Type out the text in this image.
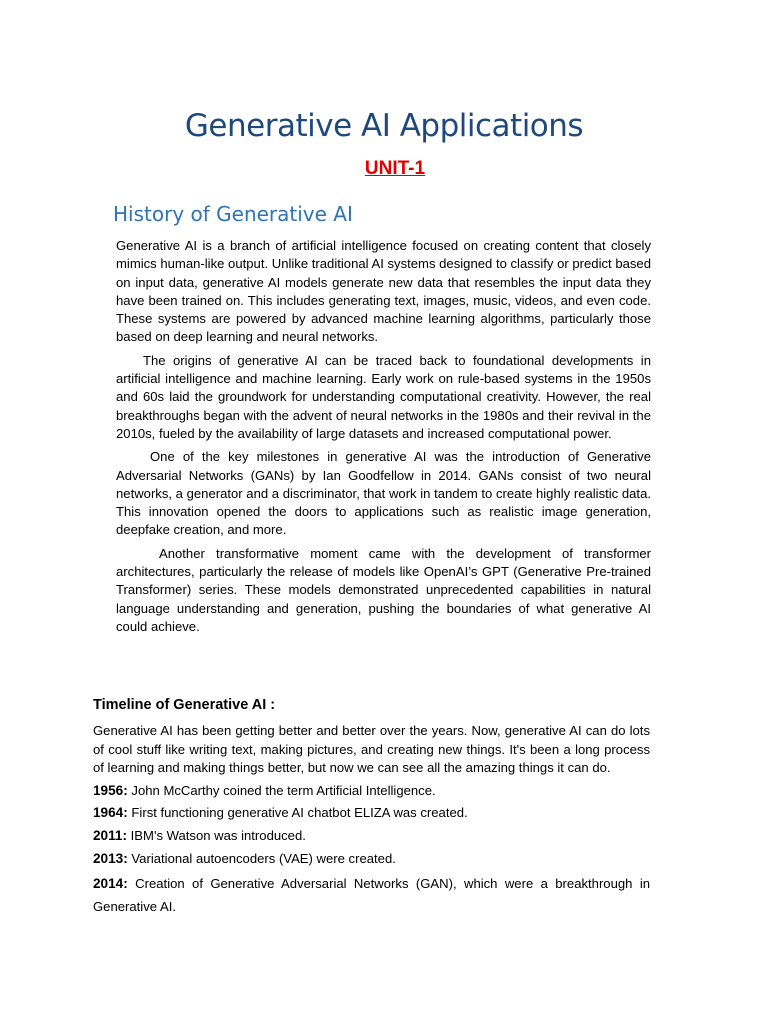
Generative AI Applications
UNIT-1
History of Generative AI

Generative AI is a branch of artificial intelligence focused on creating content that closely mimics human-like output. Unlike traditional AI systems designed to classify or predict based on input data, generative AI models generate new data that resembles the input data they have been trained on. This includes generating text, images, music, videos, and even code. These systems are powered by advanced machine learning algorithms, particularly those based on deep learning and neural networks.

The origins of generative AI can be traced back to foundational developments in artificial intelligence and machine learning. Early work on rule-based systems in the 1950s and 60s laid the groundwork for understanding computational creativity. However, the real breakthroughs began with the advent of neural networks in the 1980s and their revival in the 2010s, fueled by the availability of large datasets and increased computational power.

One of the key milestones in generative AI was the introduction of Generative Adversarial Networks (GANs) by Ian Goodfellow in 2014. GANs consist of two neural networks, a generator and a discriminator, that work in tandem to create highly realistic data. This innovation opened the doors to applications such as realistic image generation, deepfake creation, and more.

Another transformative moment came with the development of transformer architectures, particularly the release of models like OpenAI’s GPT (Generative Pre-trained Transformer) series. These models demonstrated unprecedented capabilities in natural language understanding and generation, pushing the boundaries of what generative AI could achieve.

Timeline of Generative AI :

Generative AI has been getting better and better over the years. Now, generative AI can do lots of cool stuff like writing text, making pictures, and creating new things. It's been a long process of learning and making things better, but now we can see all the amazing things it can do.

1956: John McCarthy coined the term Artificial Intelligence.

1964: First functioning generative AI chatbot ELIZA was created.

2011: IBM's Watson was introduced.

2013: Variational autoencoders (VAE) were created.

2014: Creation of Generative Adversarial Networks (GAN), which were a breakthrough in Generative AI.
